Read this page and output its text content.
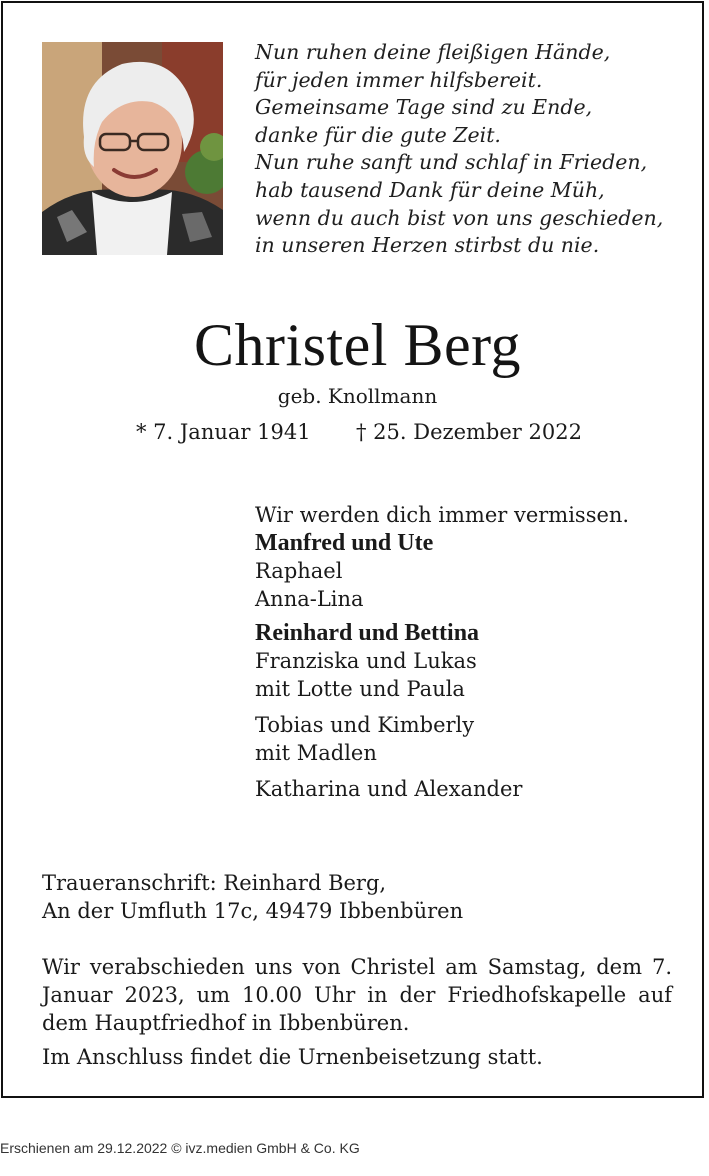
Nun ruhen deine fleißigen Hände,
für jeden immer hilfsbereit.
Gemeinsame Tage sind zu Ende,
danke für die gute Zeit.
Nun ruhe sanft und schlaf in Frieden,
hab tausend Dank für deine Müh,
wenn du auch bist von uns geschieden,
in unseren Herzen stirbst du nie.
Christel Berg
geb. Knollmann
* 7. Januar 1941 † 25. Dezember 2022
Wir werden dich immer vermissen.
Manfred und Ute
Raphael
Anna-Lina
Reinhard und Bettina
Franziska und Lukas
mit Lotte und Paula
Tobias und Kimberly
mit Madlen
Katharina und Alexander
Traueranschrift: Reinhard Berg,
An der Umfluth 17c, 49479 Ibbenbüren
Wir verabschieden uns von Christel am Samstag, dem 7. Januar 2023, um 10.00 Uhr in der Friedhofskapelle auf dem Hauptfriedhof in Ibbenbüren.
Im Anschluss findet die Urnenbeisetzung statt.
Erschienen am 29.12.2022 © ivz.medien GmbH & Co. KG
